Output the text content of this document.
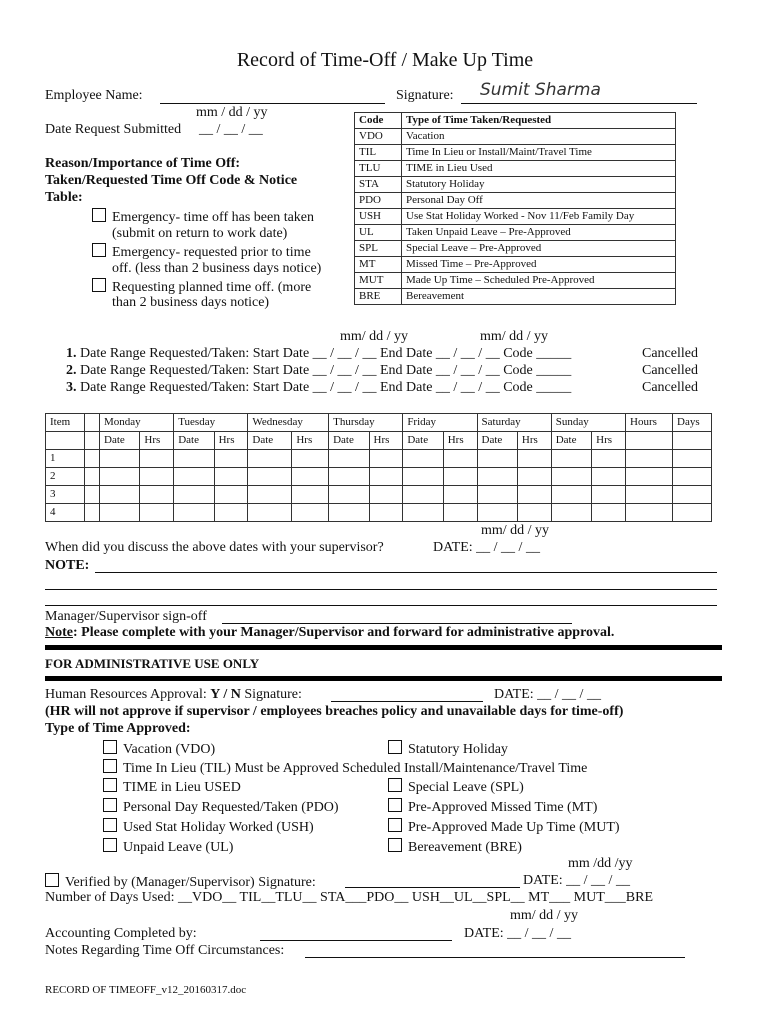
Record of Time-Off / Make Up Time
Employee Name:	Signature: Sumit Sharma
mm / dd / yy
Date Request Submitted __ / __ / __
Reason/Importance of Time Off:
Taken/Requested Time Off Code & Notice
Table:
Emergency- time off has been taken
(submit on return to work date)
Emergency- requested prior to time
off. (less than 2 business days notice)
Requesting planned time off. (more
than 2 business days notice)
Code	Type of Time Taken/Requested
VDO	Vacation
TIL	Time In Lieu or Install/Maint/Travel Time
TLU	TIME in Lieu Used
STA	Statutory Holiday
PDO	Personal Day Off
USH	Use Stat Holiday Worked - Nov 11/Feb Family Day
UL	Taken Unpaid Leave – Pre-Approved
SPL	Special Leave – Pre-Approved
MT	Missed Time – Pre-Approved
MUT	Made Up Time – Scheduled Pre-Approved
BRE	Bereavement
mm/ dd / yy	mm/ dd / yy
1. Date Range Requested/Taken: Start Date __ / __ / __ End Date __ / __ / __ Code _____	Cancelled
2. Date Range Requested/Taken: Start Date __ / __ / __ End Date __ / __ / __ Code _____	Cancelled
3. Date Range Requested/Taken: Start Date __ / __ / __ End Date __ / __ / __ Code _____	Cancelled
Item		Monday		Tuesday		Wednesday		Thursday		Friday		Saturday		Sunday		Hours	Days
		Date	Hrs	Date	Hrs	Date	Hrs	Date	Hrs	Date	Hrs	Date	Hrs	Date	Hrs		
1																	
2																	
3																	
4																	
mm/ dd / yy
When did you discuss the above dates with your supervisor?	DATE: __ / __ / __
NOTE:
Manager/Supervisor sign-off
Note: Please complete with your Manager/Supervisor and forward for administrative approval.
FOR ADMINISTRATIVE USE ONLY
Human Resources Approval: Y / N Signature:	DATE: __ / __ / __
(HR will not approve if supervisor / employees breaches policy and unavailable days for time-off)
Type of Time Approved:
Vacation (VDO)
Time In Lieu (TIL) Must be Approved Scheduled Install/Maintenance/Travel Time
TIME in Lieu USED
Personal Day Requested/Taken (PDO)
Used Stat Holiday Worked (USH)
Unpaid Leave (UL)
Statutory Holiday
Special Leave (SPL)
Pre-Approved Missed Time (MT)
Pre-Approved Made Up Time (MUT)
Bereavement (BRE)
mm /dd /yy
Verified by (Manager/Supervisor) Signature:	DATE: __ / __ / __
Number of Days Used: __VDO__ TIL__TLU__ STA___PDO__ USH__UL__SPL__ MT___ MUT___BRE
mm/ dd / yy
Accounting Completed by:	DATE: __ / __ / __
Notes Regarding Time Off Circumstances:
RECORD OF TIMEOFF_v12_20160317.doc
